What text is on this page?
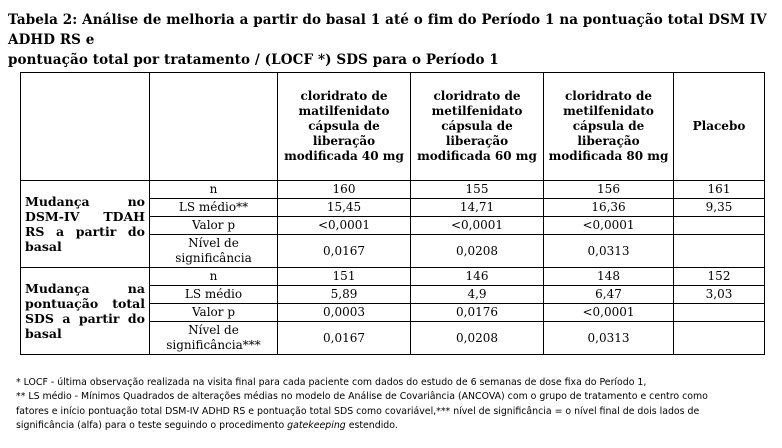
Tabela 2: Análise de melhoria a partir do basal 1 até o fim do Período 1 na pontuação total DSM IV ADHD RS e
pontuação total por tratamento / (LOCF *) SDS para o Período 1
		cloridrato de matilfenidato cápsula de liberação modificada 40 mg	cloridrato de metilfenidato cápsula de liberação modificada 60 mg	cloridrato de metilfenidato cápsula de liberação modificada 80 mg	Placebo

Mudança no
DSM-IV TDAH
RS a partir do
basal	n	160	155	156	161
	LS médio**	15,45	14,71	16,36	9,35
	Valor p	<0,0001	<0,0001	<0,0001	
	Nível de significância	0,0167	0,0208	0,0313	

Mudança na
pontuação total
SDS a partir do
basal	n	151	146	148	152
	LS médio	5,89	4,9	6,47	3,03
	Valor p	0,0003	0,0176	<0,0001	
	Nível de significância***	0,0167	0,0208	0,0313	
* LOCF - última observação realizada na visita final para cada paciente com dados do estudo de 6 semanas de dose fixa do Período 1,
** LS médio - Mínimos Quadrados de alterações médias no modelo de Análise de Covariância (ANCOVA) com o grupo de tratamento e centro como
fatores e início pontuação total DSM-IV ADHD RS e pontuação total SDS como covariável,*** nível de significância = o nível final de dois lados de
significância (alfa) para o teste seguindo o procedimento gatekeeping estendido.
